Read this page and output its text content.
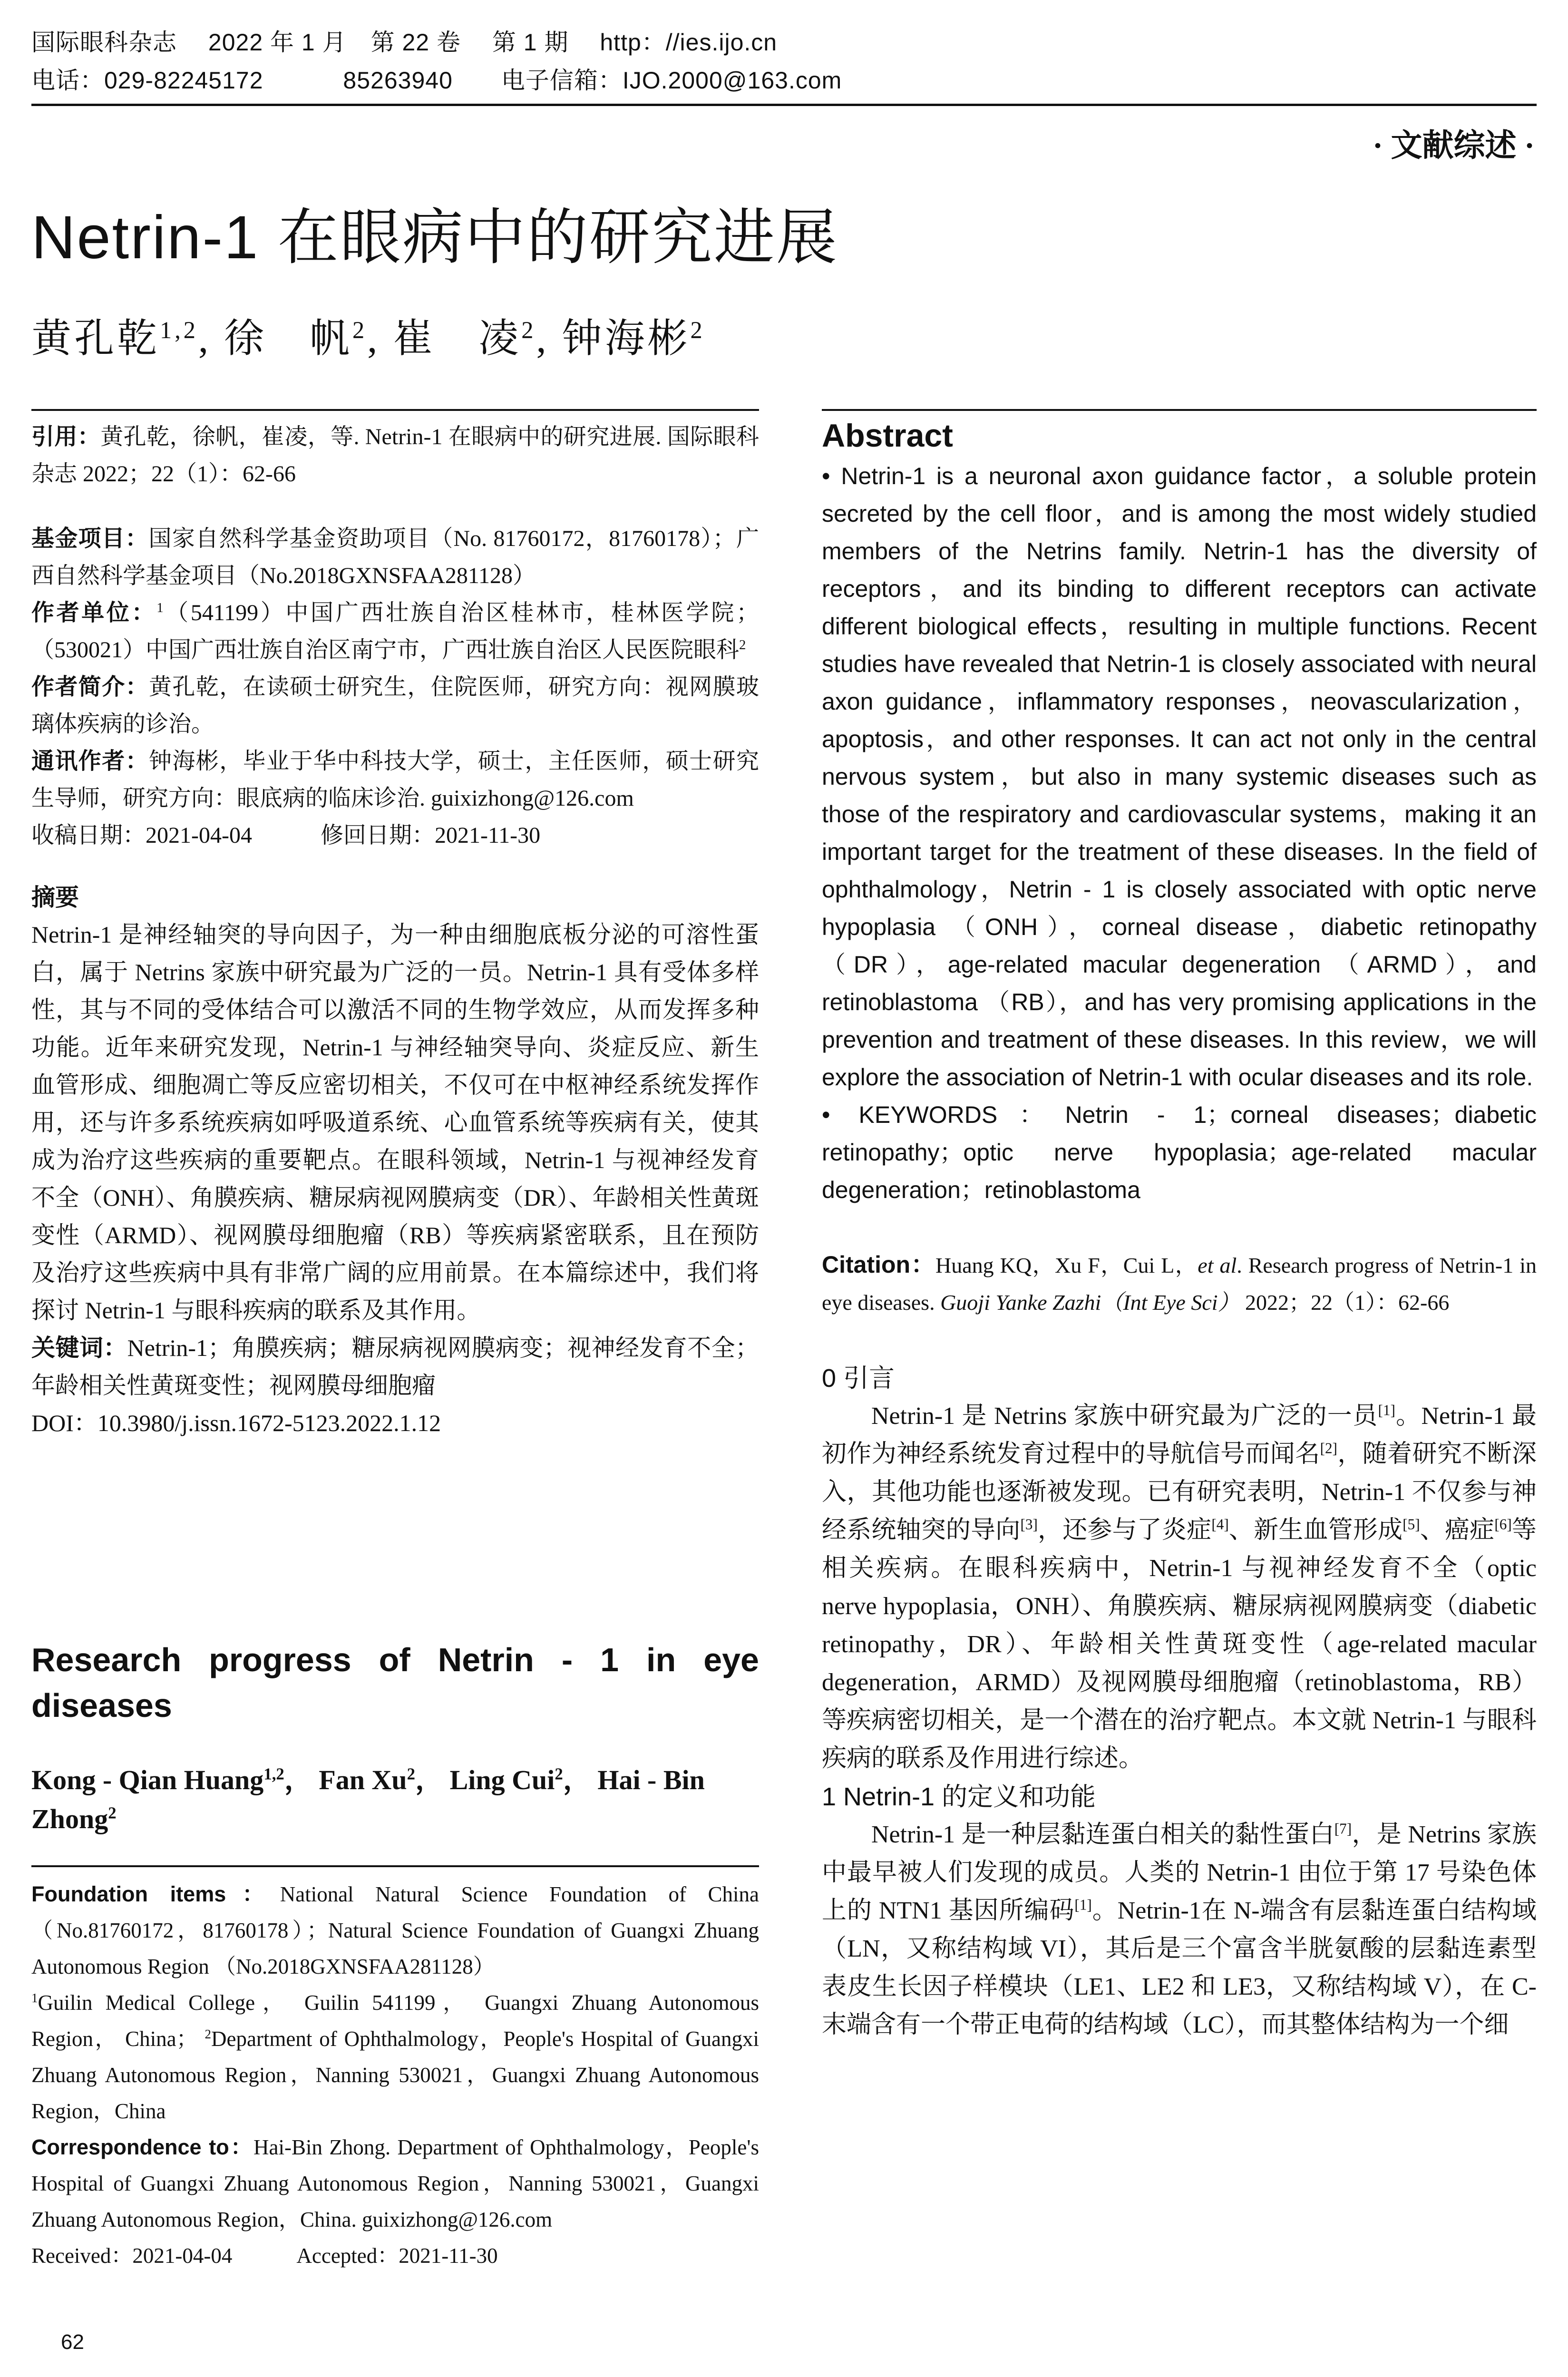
国际眼科杂志　 2022 年 1 月　第 22 卷　 第 1 期　 http：//ies.ijo.cn
电话：029-82245172　　　 85263940　　电子信箱：IJO.2000@163.com
· 文献综述 ·
Netrin-1 在眼病中的研究进展
黄孔乾$^{1,2}$, 徐　帆$^2$, 崔　凌$^2$, 钟海彬$^2$

引用：黄孔乾，徐帆，崔凌，等. Netrin-1 在眼病中的研究进展. 国际眼科杂志 2022；22（1）：62-66

基金项目：国家自然科学基金资助项目（No. 81760172，81760178）；广西自然科学基金项目（No.2018GXNSFAA281128）

作者单位：$^1$（541199）中国广西壮族自治区桂林市，桂林医学院；（530021）中国广西壮族自治区南宁市，广西壮族自治区人民医院眼科$^2$

作者简介：黄孔乾，在读硕士研究生，住院医师，研究方向：视网膜玻璃体疾病的诊治。

通讯作者：钟海彬，毕业于华中科技大学，硕士，主任医师，硕士研究生导师，研究方向：眼底病的临床诊治. guixizhong@126.com

收稿日期：2021-04-04　　　修回日期：2021-11-30

摘要

Netrin-1 是神经轴突的导向因子，为一种由细胞底板分泌的可溶性蛋白，属于 Netrins 家族中研究最为广泛的一员。Netrin-1 具有受体多样性，其与不同的受体结合可以激活不同的生物学效应，从而发挥多种功能。近年来研究发现，Netrin-1 与神经轴突导向、炎症反应、新生血管形成、细胞凋亡等反应密切相关，不仅可在中枢神经系统发挥作用，还与许多系统疾病如呼吸道系统、心血管系统等疾病有关，使其成为治疗这些疾病的重要靶点。在眼科领域，Netrin-1 与视神经发育不全（ONH）、角膜疾病、糖尿病视网膜病变（DR）、年龄相关性黄斑变性（ARMD）、视网膜母细胞瘤（RB）等疾病紧密联系，且在预防及治疗这些疾病中具有非常广阔的应用前景。在本篇综述中，我们将探讨 Netrin-1 与眼科疾病的联系及其作用。

关键词：Netrin-1；角膜疾病；糖尿病视网膜病变；视神经发育不全；年龄相关性黄斑变性；视网膜母细胞瘤

DOI：10.3980/j.issn.1672-5123.2022.1.12

Research progress of Netrin - 1 in eye diseases
Kong - Qian Huang$^{1,2}$， Fan Xu$^2$， Ling Cui$^2$， Hai - Bin Zhong$^2$

Foundation items：National Natural Science Foundation of China （No.81760172，81760178）；Natural Science Foundation of Guangxi Zhuang Autonomous Region （No.2018GXNSFAA281128）

$^1$Guilin Medical College， Guilin 541199， Guangxi Zhuang Autonomous Region， China； $^2$Department of Ophthalmology，People's Hospital of Guangxi Zhuang Autonomous Region，Nanning 530021，Guangxi Zhuang Autonomous Region，China

Correspondence to：Hai-Bin Zhong. Department of Ophthalmology，People's Hospital of Guangxi Zhuang Autonomous Region，Nanning 530021，Guangxi Zhuang Autonomous Region，China. guixizhong@126.com

Received：2021-04-04　　　Accepted：2021-11-30

Abstract

• Netrin-1 is a neuronal axon guidance factor，a soluble protein secreted by the cell floor，and is among the most widely studied members of the Netrins family. Netrin-1 has the diversity of receptors，and its binding to different receptors can activate different biological effects，resulting in multiple functions. Recent studies have revealed that Netrin-1 is closely associated with neural axon guidance，inflammatory responses，neovascularization，apoptosis，and other responses. It can act not only in the central nervous system，but also in many systemic diseases such as those of the respiratory and cardiovascular systems，making it an important target for the treatment of these diseases. In the field of ophthalmology，Netrin - 1 is closely associated with optic nerve hypoplasia （ONH），corneal disease，diabetic retinopathy （DR），age-related macular degeneration （ARMD），and retinoblastoma （RB），and has very promising applications in the prevention and treatment of these diseases. In this review，we will explore the association of Netrin-1 with ocular diseases and its role.

• KEYWORDS：Netrin - 1；corneal diseases；diabetic retinopathy；optic nerve hypoplasia；age-related macular degeneration；retinoblastoma

Citation：Huang KQ，Xu F，Cui L，et al. Research progress of Netrin-1 in eye diseases. Guoji Yanke Zazhi（Int Eye Sci） 2022；22（1）：62-66

0 引言

Netrin-1 是 Netrins 家族中研究最为广泛的一员[1]。Netrin-1 最初作为神经系统发育过程中的导航信号而闻名[2]，随着研究不断深入，其他功能也逐渐被发现。已有研究表明，Netrin-1 不仅参与神经系统轴突的导向[3]，还参与了炎症[4]、新生血管形成[5]、癌症[6]等相关疾病。在眼科疾病中，Netrin-1 与视神经发育不全（optic nerve hypoplasia，ONH）、角膜疾病、糖尿病视网膜病变（diabetic retinopathy，DR）、年龄相关性黄斑变性（age-related macular degeneration，ARMD）及视网膜母细胞瘤（retinoblastoma，RB）等疾病密切相关，是一个潜在的治疗靶点。本文就 Netrin-1 与眼科疾病的联系及作用进行综述。

1 Netrin-1 的定义和功能

Netrin-1 是一种层黏连蛋白相关的黏性蛋白[7]，是 Netrins 家族中最早被人们发现的成员。人类的 Netrin-1 由位于第 17 号染色体上的 NTN1 基因所编码[1]。Netrin-1在 N-端含有层黏连蛋白结构域（LN，又称结构域 VI），其后是三个富含半胱氨酸的层黏连素型表皮生长因子样模块（LE1、LE2 和 LE3，又称结构域 V），在 C-末端含有一个带正电荷的结构域（LC），而其整体结构为一个细

62
